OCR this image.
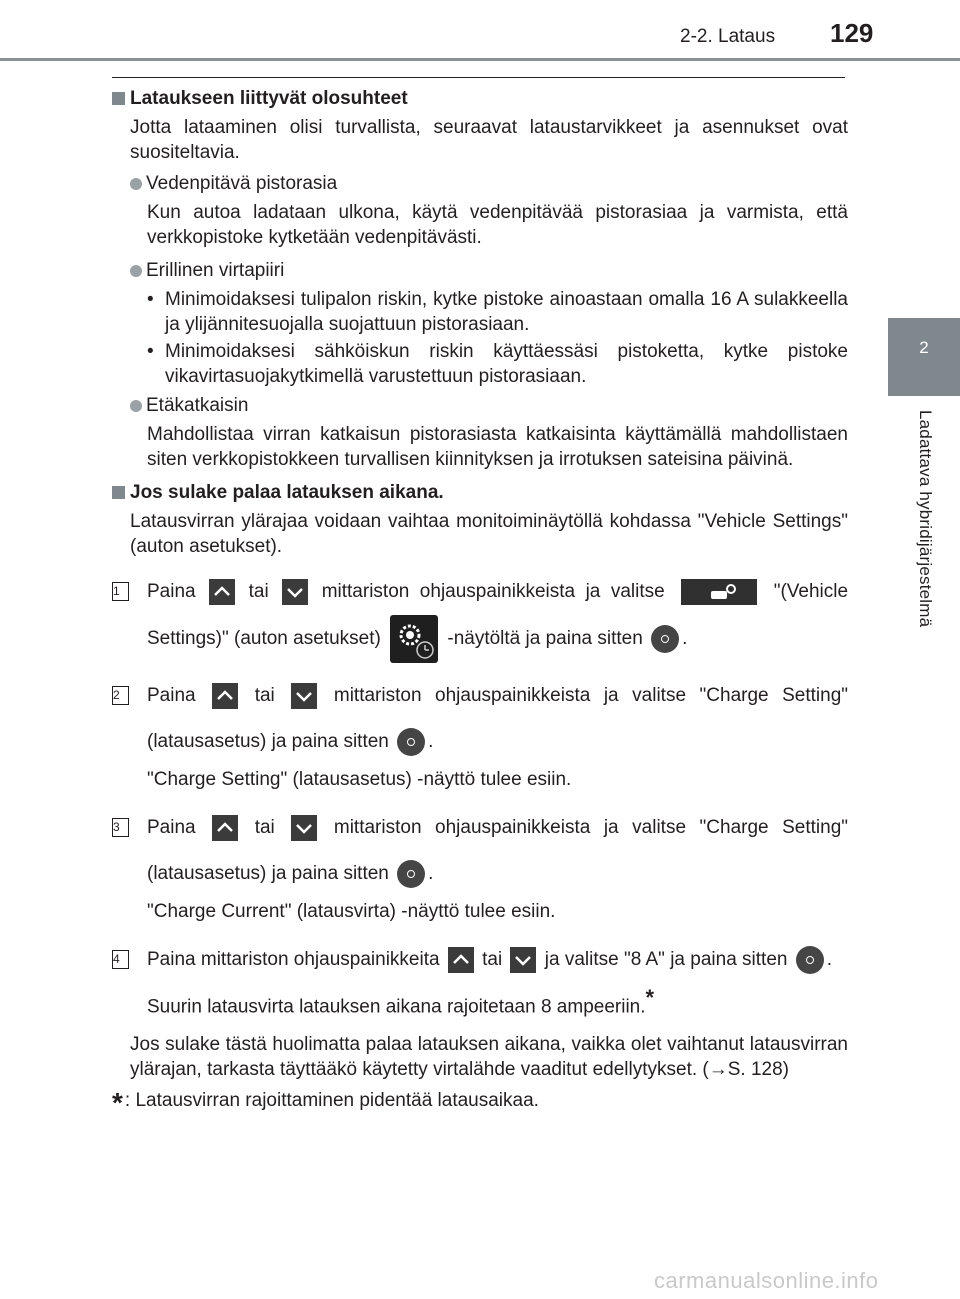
2-2. Lataus 129
2
Ladattava hybridijärjestelmä
Lataukseen liittyvät olosuhteet
Jotta lataaminen olisi turvallista, seuraavat lataustarvikkeet ja asennukset ovat suositeltavia.
Vedenpitävä pistorasia
Kun autoa ladataan ulkona, käytä vedenpitävää pistorasiaa ja varmista, että verkkopistoke kytketään vedenpitävästi.
Erillinen virtapiiri
• Minimoidaksesi tulipalon riskin, kytke pistoke ainoastaan omalla 16 A sulakkeella ja ylijännitesuojalla suojattuun pistorasiaan.
• Minimoidaksesi sähköiskun riskin käyttäessäsi pistoketta, kytke pistoke vikavirtasuojakytkimellä varustettuun pistorasiaan.
Etäkatkaisin
Mahdollistaa virran katkaisun pistorasiasta katkaisinta käyttämällä mahdollistaen siten verkkopistokkeen turvallisen kiinnityksen ja irrotuksen sateisina päivinä.
Jos sulake palaa latauksen aikana.
Latausvirran ylärajaa voidaan vaihtaa monitoiminäytöllä kohdassa "Vehicle Settings" (auton asetukset).
1	Paina	tai	mittariston ohjauspainikkeista ja valitse	"(Vehicle Settings)" (auton asetukset)	-näytöltä ja paina sitten .
2	Paina	tai	mittariston ohjauspainikkeista ja valitse "Charge Setting" (latausasetus) ja paina sitten .
"Charge Setting" (latausasetus) -näyttö tulee esiin.
3	Paina	tai	mittariston ohjauspainikkeista ja valitse "Charge Setting" (latausasetus) ja paina sitten .
"Charge Current" (latausvirta) -näyttö tulee esiin.
4	Paina mittariston ohjauspainikkeita tai ja valitse "8 A" ja paina sitten .
Suurin latausvirta latauksen aikana rajoitetaan 8 ampeeriin.*
Jos sulake tästä huolimatta palaa latauksen aikana, vaikka olet vaihtanut latausvirran ylärajan, tarkasta täyttääkö käytetty virtalähde vaaditut edellytykset. (→S. 128)
* : Latausvirran rajoittaminen pidentää latausaikaa.
carmanualsonline.info
